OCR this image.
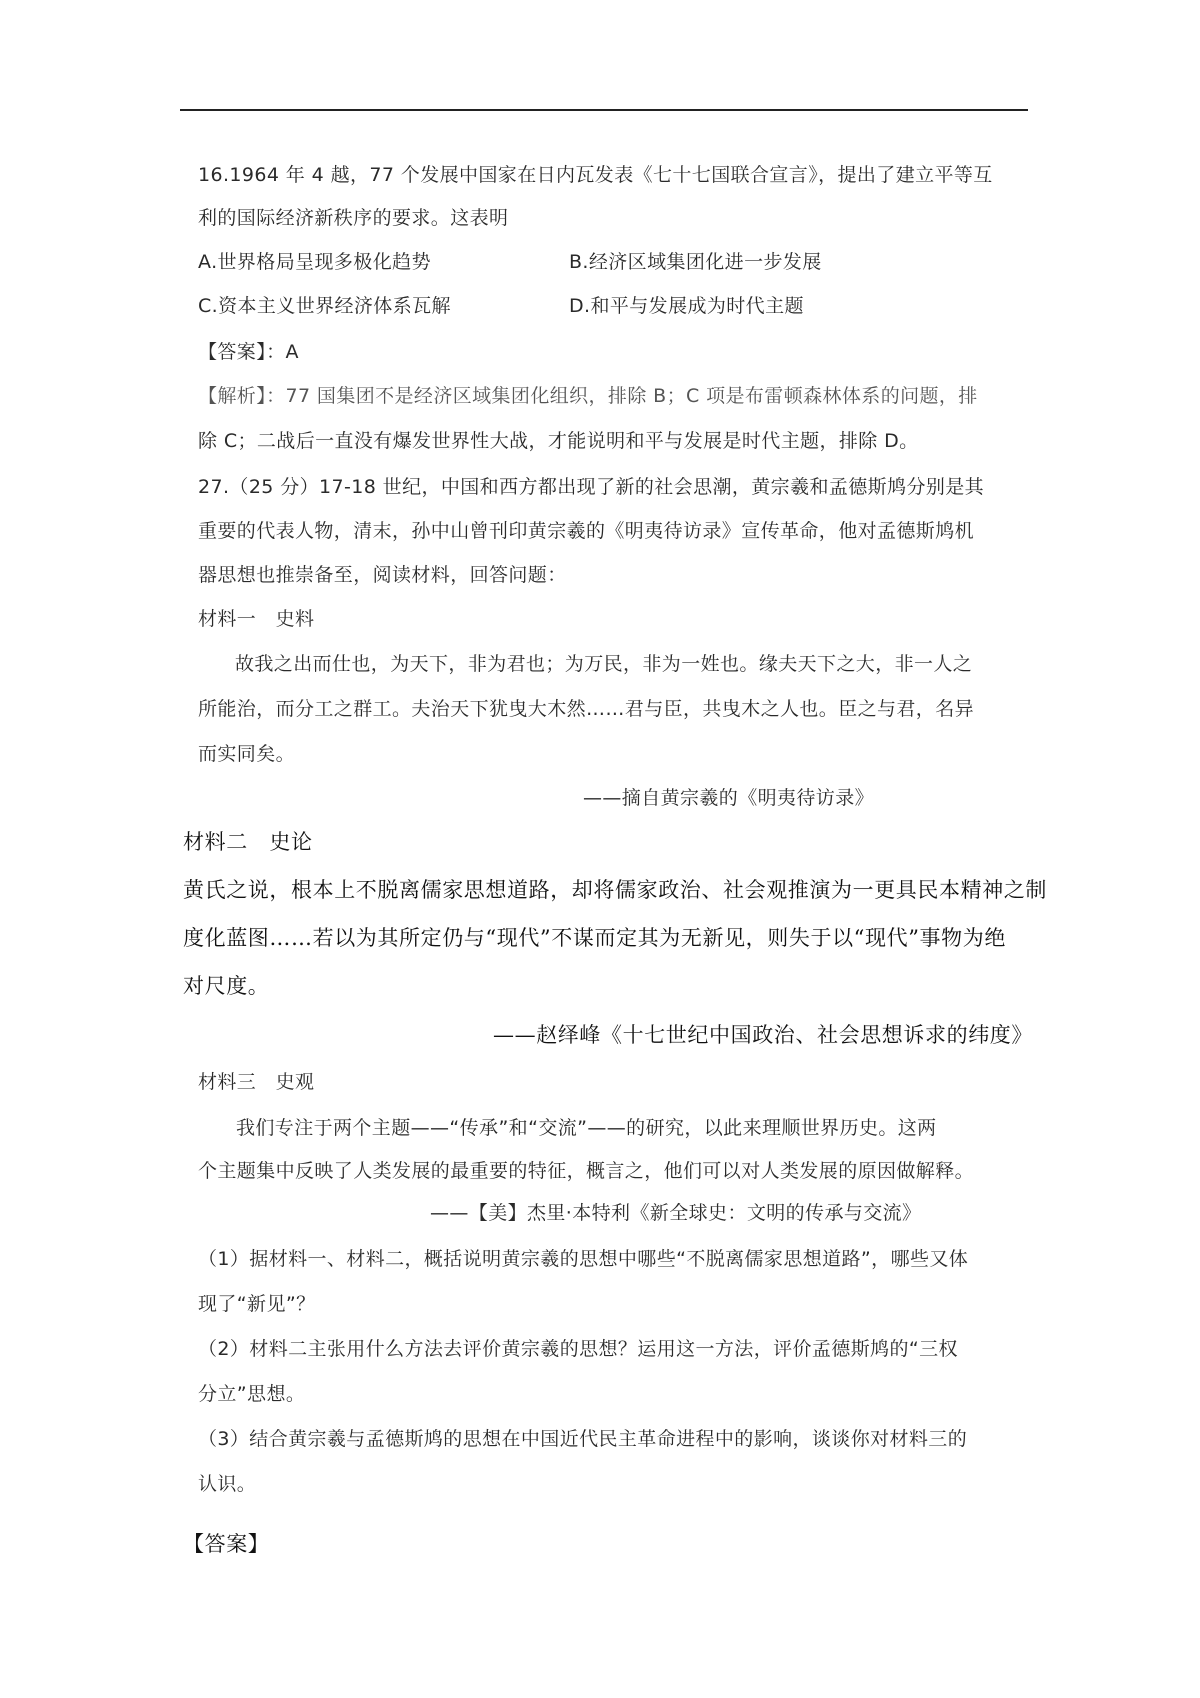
16.1964 年 4 越，77 个发展中国家在日内瓦发表《七十七国联合宣言》，提出了建立平等互
利的国际经济新秩序的要求。这表明
A.世界格局呈现多极化趋势	B.经济区域集团化进一步发展
C.资本主义世界经济体系瓦解	D.和平与发展成为时代主题
【答案】：A
【解析】：77 国集团不是经济区域集团化组织，排除 B；C 项是布雷顿森林体系的问题，排
除 C；二战后一直没有爆发世界性大战，才能说明和平与发展是时代主题，排除 D。
27.（25 分）17-18 世纪，中国和西方都出现了新的社会思潮，黄宗羲和孟德斯鸠分别是其
重要的代表人物，清末，孙中山曾刊印黄宗羲的《明夷待访录》宣传革命，他对孟德斯鸠机
器思想也推崇备至，阅读材料，回答问题：
材料一　史料
故我之出而仕也，为天下，非为君也；为万民，非为一姓也。缘夫天下之大，非一人之
所能治，而分工之群工。夫治天下犹曳大木然……君与臣，共曳木之人也。臣之与君，名异
而实同矣。
——摘自黄宗羲的《明夷待访录》
材料二　史论
黄氏之说，根本上不脱离儒家思想道路，却将儒家政治、社会观推演为一更具民本精神之制
度化蓝图……若以为其所定仍与“现代”不谋而定其为无新见，则失于以“现代”事物为绝
对尺度。
——赵绎峰《十七世纪中国政治、社会思想诉求的纬度》
材料三　史观
我们专注于两个主题——“传承”和“交流”——的研究，以此来理顺世界历史。这两
个主题集中反映了人类发展的最重要的特征，概言之，他们可以对人类发展的原因做解释。
——【美】杰里·本特利《新全球史：文明的传承与交流》
（1）据材料一、材料二，概括说明黄宗羲的思想中哪些“不脱离儒家思想道路”，哪些又体
现了“新见”？
（2）材料二主张用什么方法去评价黄宗羲的思想？运用这一方法，评价孟德斯鸠的“三权
分立”思想。
（3）结合黄宗羲与孟德斯鸠的思想在中国近代民主革命进程中的影响，谈谈你对材料三的
认识。
【答案】
